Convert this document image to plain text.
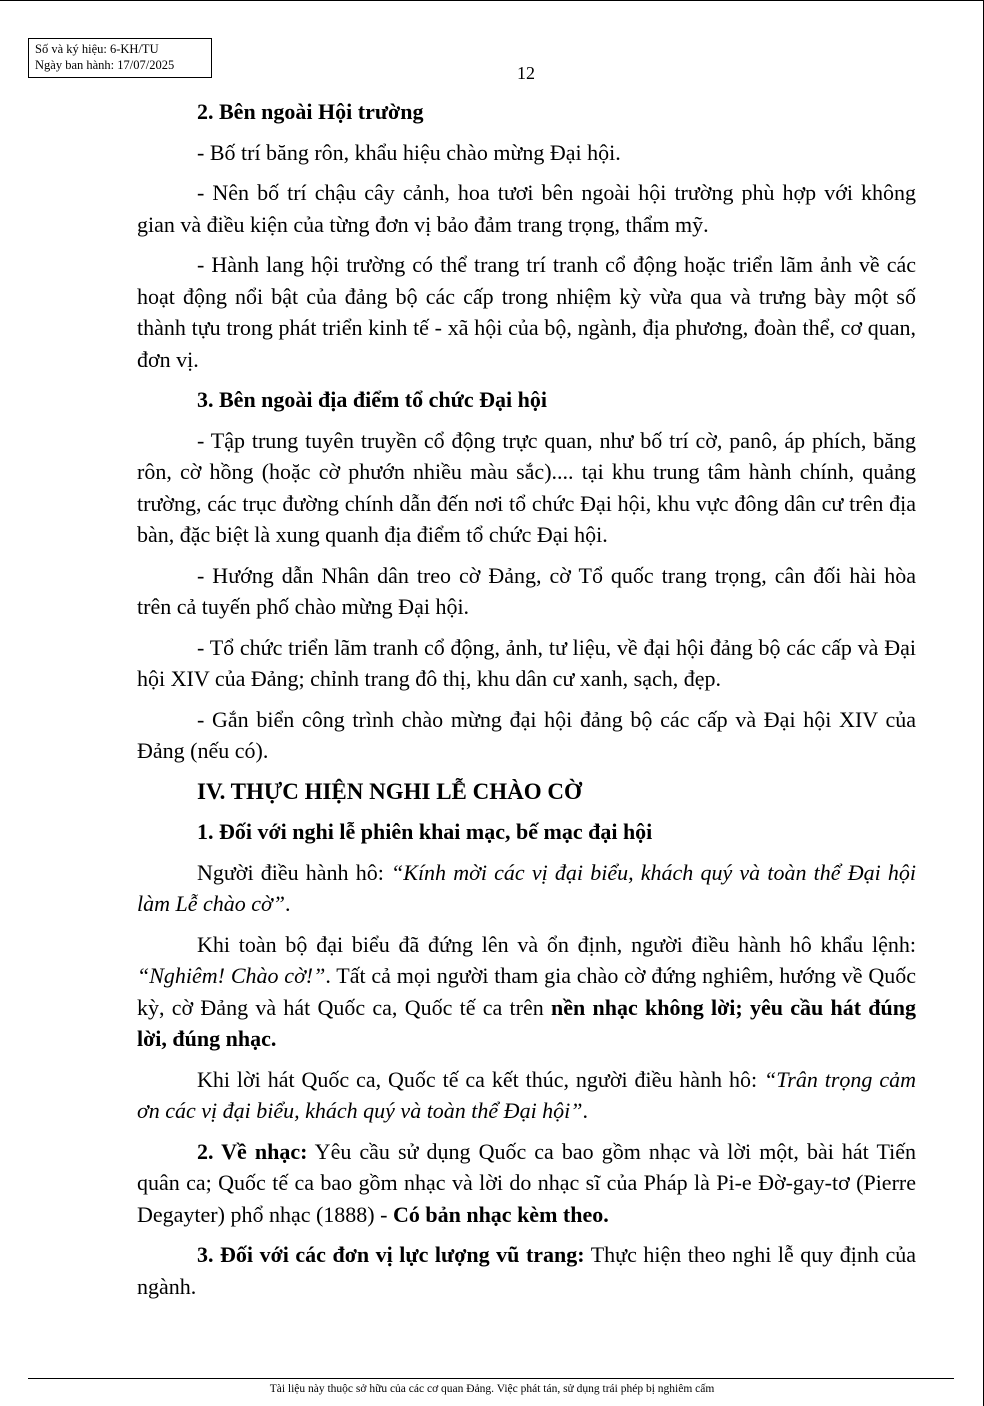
Số và ký hiệu: 6-KH/TU
Ngày ban hành: 17/07/2025	12

2. Bên ngoài Hội trường

- Bố trí băng rôn, khẩu hiệu chào mừng Đại hội.

- Nên bố trí chậu cây cảnh, hoa tươi bên ngoài hội trường phù hợp với không gian và điều kiện của từng đơn vị bảo đảm trang trọng, thẩm mỹ.

- Hành lang hội trường có thể trang trí tranh cổ động hoặc triển lãm ảnh về các hoạt động nổi bật của đảng bộ các cấp trong nhiệm kỳ vừa qua và trưng bày một số thành tựu trong phát triển kinh tế - xã hội của bộ, ngành, địa phương, đoàn thể, cơ quan, đơn vị.

3. Bên ngoài địa điểm tổ chức Đại hội

- Tập trung tuyên truyền cổ động trực quan, như bố trí cờ, panô, áp phích, băng rôn, cờ hồng (hoặc cờ phướn nhiều màu sắc).... tại khu trung tâm hành chính, quảng trường, các trục đường chính dẫn đến nơi tổ chức Đại hội, khu vực đông dân cư trên địa bàn, đặc biệt là xung quanh địa điểm tổ chức Đại hội.

- Hướng dẫn Nhân dân treo cờ Đảng, cờ Tổ quốc trang trọng, cân đối hài hòa trên cả tuyến phố chào mừng Đại hội.

- Tổ chức triển lãm tranh cổ động, ảnh, tư liệu, về đại hội đảng bộ các cấp và Đại hội XIV của Đảng; chỉnh trang đô thị, khu dân cư xanh, sạch, đẹp.

- Gắn biển công trình chào mừng đại hội đảng bộ các cấp và Đại hội XIV của Đảng (nếu có).

IV. THỰC HIỆN NGHI LỄ CHÀO CỜ

1. Đối với nghi lễ phiên khai mạc, bế mạc đại hội

Người điều hành hô: “Kính mời các vị đại biểu, khách quý và toàn thể Đại hội làm Lễ chào cờ”.

Khi toàn bộ đại biểu đã đứng lên và ổn định, người điều hành hô khẩu lệnh: “Nghiêm! Chào cờ!”. Tất cả mọi người tham gia chào cờ đứng nghiêm, hướng về Quốc kỳ, cờ Đảng và hát Quốc ca, Quốc tế ca trên nền nhạc không lời; yêu cầu hát đúng lời, đúng nhạc.

Khi lời hát Quốc ca, Quốc tế ca kết thúc, người điều hành hô: “Trân trọng cảm ơn các vị đại biểu, khách quý và toàn thể Đại hội”.

2. Về nhạc: Yêu cầu sử dụng Quốc ca bao gồm nhạc và lời một, bài hát Tiến quân ca; Quốc tế ca bao gồm nhạc và lời do nhạc sĩ của Pháp là Pi-e Đờ-gay-tơ (Pierre Degayter) phổ nhạc (1888) - Có bản nhạc kèm theo.

3. Đối với các đơn vị lực lượng vũ trang: Thực hiện theo nghi lễ quy định của ngành.

Tài liệu này thuộc sở hữu của các cơ quan Đảng. Việc phát tán, sử dụng trái phép bị nghiêm cấm
